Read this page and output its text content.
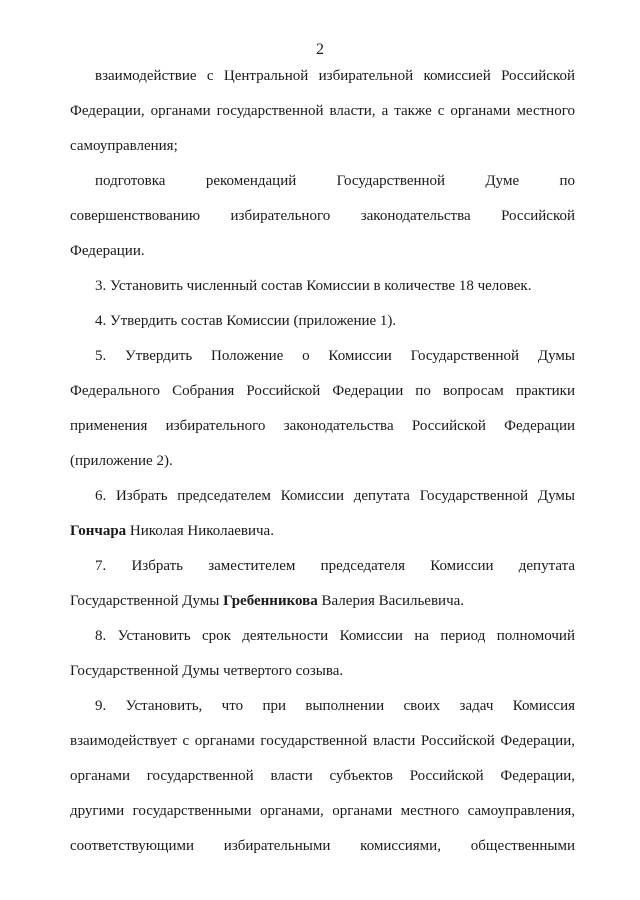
2
взаимодействие с Центральной избирательной комиссией Российской
Федерации, органами государственной власти, а также с органами местного
самоуправления;
подготовка рекомендаций Государственной Думе по
совершенствованию избирательного законодательства Российской
Федерации.
3. Установить численный состав Комиссии в количестве 18 человек.
4. Утвердить состав Комиссии (приложение 1).
5. Утвердить Положение о Комиссии Государственной Думы
Федерального Собрания Российской Федерации по вопросам практики
применения избирательного законодательства Российской Федерации
(приложение 2).
6. Избрать председателем Комиссии депутата Государственной Думы
Гончара Николая Николаевича.
7. Избрать заместителем председателя Комиссии депутата
Государственной Думы Гребенникова Валерия Васильевича.
8. Установить срок деятельности Комиссии на период полномочий
Государственной Думы четвертого созыва.
9. Установить, что при выполнении своих задач Комиссия
взаимодействует с органами государственной власти Российской Федерации,
органами государственной власти субъектов Российской Федерации,
другими государственными органами, органами местного самоуправления,
соответствующими избирательными комиссиями, общественными
